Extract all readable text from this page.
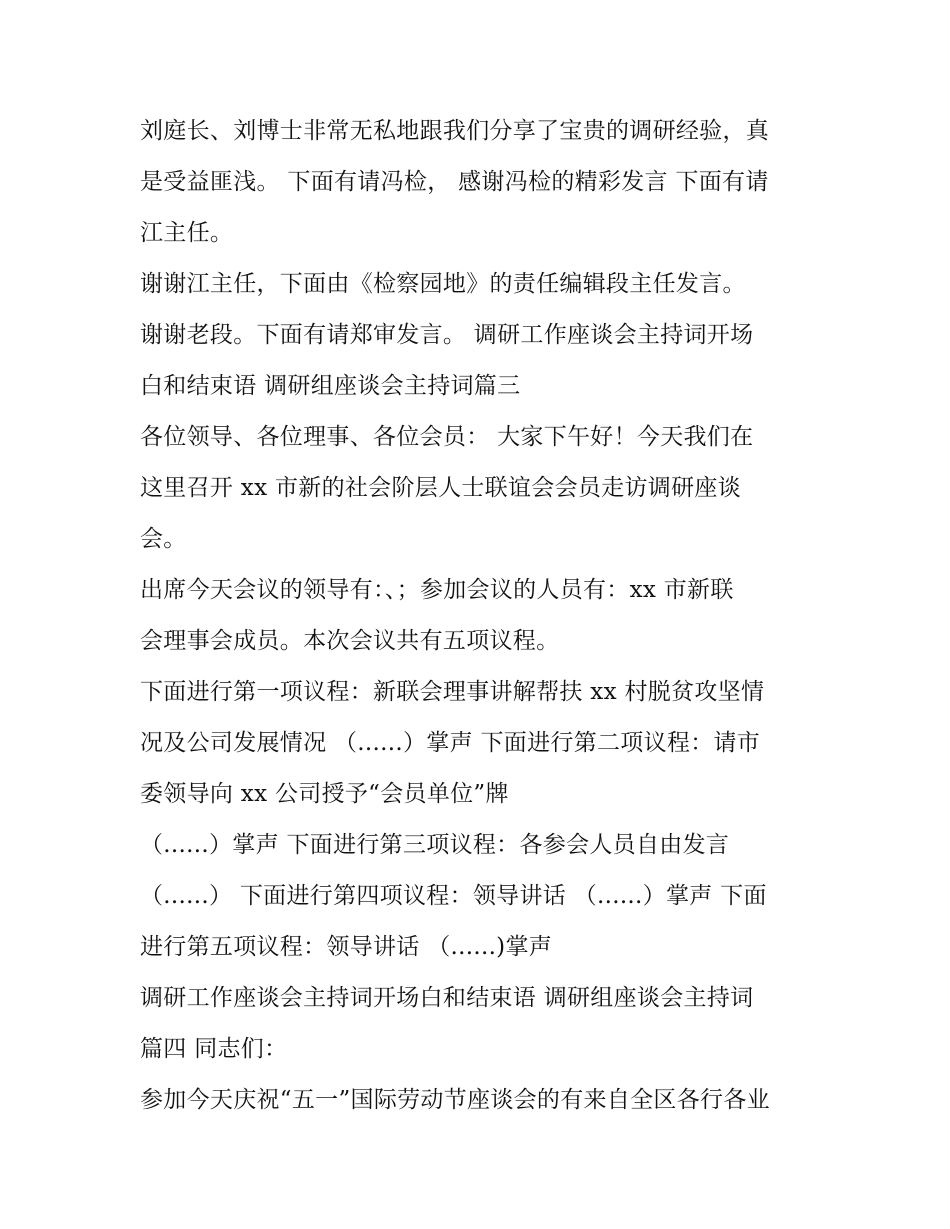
刘庭长、刘博士非常无私地跟我们分享了宝贵的调研经验，真
是受益匪浅。 下面有请冯检， 感谢冯检的精彩发言 下面有请
江主任。

谢谢江主任，下面由《检察园地》的责任编辑段主任发言。

谢谢老段。下面有请郑审发言。 调研工作座谈会主持词开场
白和结束语 调研组座谈会主持词篇三

各位领导、各位理事、各位会员： 大家下午好！今天我们在
这里召开 xx 市新的社会阶层人士联谊会会员走访调研座谈
会。

出席今天会议的领导有：、；参加会议的人员有：xx 市新联
会理事会成员。本次会议共有五项议程。

下面进行第一项议程：新联会理事讲解帮扶 xx 村脱贫攻坚情
况及公司发展情况 （......）掌声 下面进行第二项议程：请市
委领导向 xx 公司授予“会员单位”牌

（......）掌声 下面进行第三项议程：各参会人员自由发言
（......） 下面进行第四项议程：领导讲话 （......）掌声 下面
进行第五项议程：领导讲话 （......)掌声

调研工作座谈会主持词开场白和结束语 调研组座谈会主持词
篇四 同志们：

参加今天庆祝“五一”国际劳动节座谈会的有来自全区各行各业
